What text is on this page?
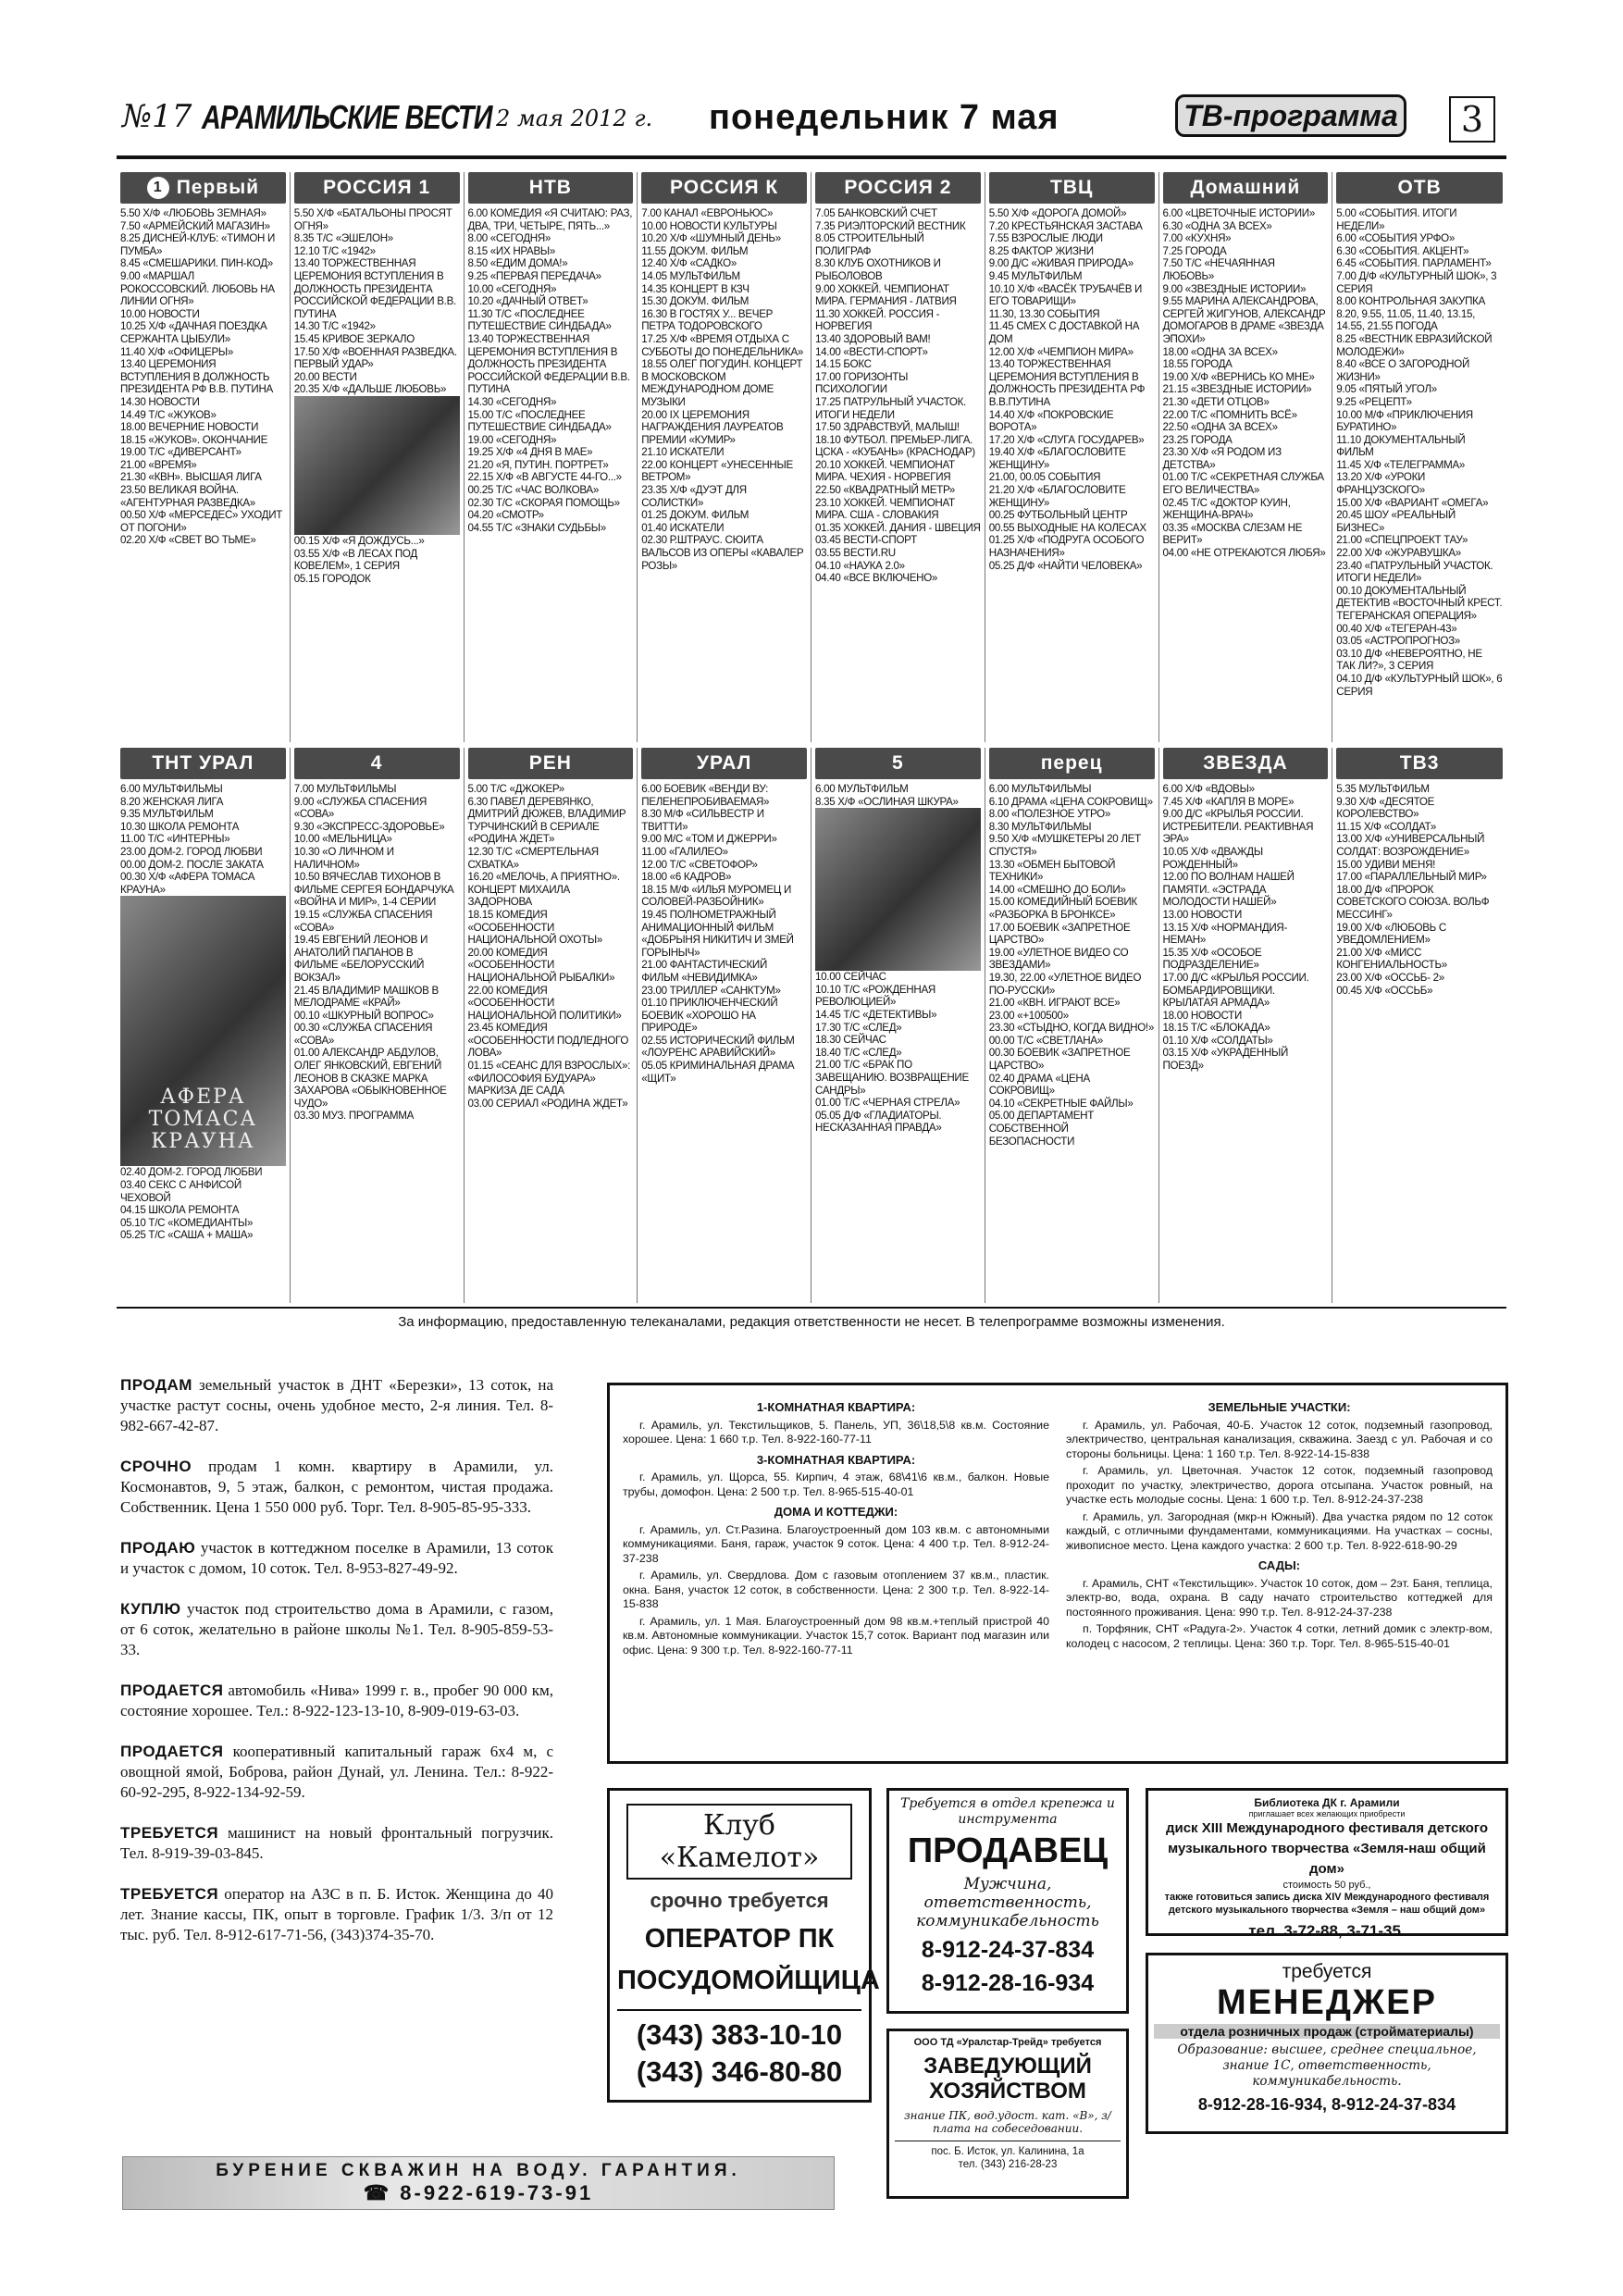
№17 АРАМИЛЬСКИЕ ВЕСТИ 2 мая 2012 г. понедельник 7 мая	ТВ-программа	3
1 Первый
5.50 Х/Ф «ЛЮБОВЬ ЗЕМНАЯ»
7.50 «АРМЕЙСКИЙ МАГАЗИН»
8.25 ДИСНЕЙ-КЛУБ: «ТИМОН И ПУМБА»
8.45 «СМЕШАРИКИ. ПИН-КОД»
9.00 «МАРШАЛ РОКОССОВСКИЙ. ЛЮБОВЬ НА ЛИНИИ ОГНЯ»
10.00 НОВОСТИ
10.25 Х/Ф «ДАЧНАЯ ПОЕЗДКА СЕРЖАНТА ЦЫБУЛИ»
11.40 Х/Ф «ОФИЦЕРЫ»
13.40 ЦЕРЕМОНИЯ ВСТУПЛЕНИЯ В ДОЛЖНОСТЬ ПРЕЗИДЕНТА РФ В.В. ПУТИНА
14.30 НОВОСТИ
14.49 Т/С «ЖУКОВ»
18.00 ВЕЧЕРНИЕ НОВОСТИ
18.15 «ЖУКОВ». ОКОНЧАНИЕ
19.00 Т/С «ДИВЕРСАНТ»
21.00 «ВРЕМЯ»
21.30 «КВН». ВЫСШАЯ ЛИГА
23.50 ВЕЛИКАЯ ВОЙНА. «АГЕНТУРНАЯ РАЗВЕДКА»
00.50 Х/Ф «МЕРСЕДЕС» УХОДИТ ОТ ПОГОНИ»
02.20 Х/Ф «СВЕТ ВО ТЬМЕ»
РОССИЯ 1
5.50 Х/Ф «БАТАЛЬОНЫ ПРОСЯТ ОГНЯ»
8.35 Т/С «ЭШЕЛОН»
12.10 Т/С «1942»
13.40 ТОРЖЕСТВЕННАЯ ЦЕРЕМОНИЯ ВСТУПЛЕНИЯ В ДОЛЖНОСТЬ ПРЕЗИДЕНТА РОССИЙСКОЙ ФЕДЕРАЦИИ В.В. ПУТИНА
14.30 Т/С «1942»
15.45 КРИВОЕ ЗЕРКАЛО
17.50 Х/Ф «ВОЕННАЯ РАЗВЕДКА. ПЕРВЫЙ УДАР»
20.00 ВЕСТИ
20.35 Х/Ф «ДАЛЬШЕ ЛЮБОВЬ»
00.15 Х/Ф «Я ДОЖДУСЬ...»
03.55 Х/Ф «В ЛЕСАХ ПОД КОВЕЛЕМ», 1 СЕРИЯ
05.15 ГОРОДОК
НТВ
6.00 КОМЕДИЯ «Я СЧИТАЮ: РАЗ, ДВА, ТРИ, ЧЕТЫРЕ, ПЯТЬ...»
8.00 «СЕГОДНЯ»
8.15 «ИХ НРАВЫ»
8.50 «ЕДИМ ДОМА!»
9.25 «ПЕРВАЯ ПЕРЕДАЧА»
10.00 «СЕГОДНЯ»
10.20 «ДАЧНЫЙ ОТВЕТ»
11.30 Т/С «ПОСЛЕДНЕЕ ПУТЕШЕСТВИЕ СИНДБАДА»
13.40 ТОРЖЕСТВЕННАЯ ЦЕРЕМОНИЯ ВСТУПЛЕНИЯ В ДОЛЖНОСТЬ ПРЕЗИДЕНТА РОССИЙСКОЙ ФЕДЕРАЦИИ В.В. ПУТИНА
14.30 «СЕГОДНЯ»
15.00 Т/С «ПОСЛЕДНЕЕ ПУТЕШЕСТВИЕ СИНДБАДА»
19.00 «СЕГОДНЯ»
19.25 Х/Ф «4 ДНЯ В МАЕ»
21.20 «Я, ПУТИН. ПОРТРЕТ»
22.15 Х/Ф «В АВГУСТЕ 44-ГО...»
00.25 Т/С «ЧАС ВОЛКОВА»
02.30 Т/С «СКОРАЯ ПОМОЩЬ»
04.20 «СМОТР»
04.55 Т/С «ЗНАКИ СУДЬБЫ»
РОССИЯ К
7.00 КАНАЛ «ЕВРОНЬЮС»
10.00 НОВОСТИ КУЛЬТУРЫ
10.20 Х/Ф «ШУМНЫЙ ДЕНЬ»
11.55 ДОКУМ. ФИЛЬМ
12.40 Х/Ф «САДКО»
14.05 МУЛЬТФИЛЬМ
14.35 КОНЦЕРТ В КЗЧ
15.30 ДОКУМ. ФИЛЬМ
16.30 В ГОСТЯХ У... ВЕЧЕР ПЕТРА ТОДОРОВСКОГО
17.25 Х/Ф «ВРЕМЯ ОТДЫХА С СУББОТЫ ДО ПОНЕДЕЛЬНИКА»
18.55 ОЛЕГ ПОГУДИН. КОНЦЕРТ В МОСКОВСКОМ МЕЖДУНАРОДНОМ ДОМЕ МУЗЫКИ
20.00 IX ЦЕРЕМОНИЯ НАГРАЖДЕНИЯ ЛАУРЕАТОВ ПРЕМИИ «КУМИР»
21.10 ИСКАТЕЛИ
22.00 КОНЦЕРТ «УНЕСЕННЫЕ ВЕТРОМ»
23.35 Х/Ф «ДУЭТ ДЛЯ СОЛИСТКИ»
01.25 ДОКУМ. ФИЛЬМ
01.40 ИСКАТЕЛИ
02.30 Р.ШТРАУС. СЮИТА ВАЛЬСОВ ИЗ ОПЕРЫ «КАВАЛЕР РОЗЫ»
РОССИЯ 2
7.05 БАНКОВСКИЙ СЧЕТ
7.35 РИЭЛТОРСКИЙ ВЕСТНИК
8.05 СТРОИТЕЛЬНЫЙ ПОЛИГРАФ
8.30 КЛУБ ОХОТНИКОВ И РЫБОЛОВОВ
9.00 ХОККЕЙ. ЧЕМПИОНАТ МИРА. ГЕРМАНИЯ - ЛАТВИЯ
11.30 ХОККЕЙ. РОССИЯ - НОРВЕГИЯ
13.40 ЗДОРОВЫЙ ВАМ!
14.00 «ВЕСТИ-СПОРТ»
14.15 БОКС
17.00 ГОРИЗОНТЫ ПСИХОЛОГИИ
17.25 ПАТРУЛЬНЫЙ УЧАСТОК. ИТОГИ НЕДЕЛИ
17.50 ЗДРАВСТВУЙ, МАЛЫШ!
18.10 ФУТБОЛ. ПРЕМЬЕР-ЛИГА. ЦСКА - «КУБАНЬ» (КРАСНОДАР)
20.10 ХОККЕЙ. ЧЕМПИОНАТ МИРА. ЧЕХИЯ - НОРВЕГИЯ
22.50 «КВАДРАТНЫЙ МЕТР»
23.10 ХОККЕЙ. ЧЕМПИОНАТ МИРА. США - СЛОВАКИЯ
01.35 ХОККЕЙ. ДАНИЯ - ШВЕЦИЯ
03.45 ВЕСТИ-СПОРТ
03.55 ВЕСТИ.RU
04.10 «НАУКА 2.0»
04.40 «ВСЕ ВКЛЮЧЕНО»
ТВЦ
5.50 Х/Ф «ДОРОГА ДОМОЙ»
7.20 КРЕСТЬЯНСКАЯ ЗАСТАВА
7.55 ВЗРОСЛЫЕ ЛЮДИ
8.25 ФАКТОР ЖИЗНИ
9.00 Д/С «ЖИВАЯ ПРИРОДА»
9.45 МУЛЬТФИЛЬМ
10.10 Х/Ф «ВАСЁК ТРУБАЧЁВ И ЕГО ТОВАРИЩИ»
11.30, 13.30 СОБЫТИЯ
11.45 СМЕХ С ДОСТАВКОЙ НА ДОМ
12.00 Х/Ф «ЧЕМПИОН МИРА»
13.40 ТОРЖЕСТВЕННАЯ ЦЕРЕМОНИЯ ВСТУПЛЕНИЯ В ДОЛЖНОСТЬ ПРЕЗИДЕНТА РФ В.В.ПУТИНА
14.40 Х/Ф «ПОКРОВСКИЕ ВОРОТА»
17.20 Х/Ф «СЛУГА ГОСУДАРЕВ»
19.40 Х/Ф «БЛАГОСЛОВИТЕ ЖЕНЩИНУ»
21.00, 00.05 СОБЫТИЯ
21.20 Х/Ф «БЛАГОСЛОВИТЕ ЖЕНЩИНУ»
00.25 ФУТБОЛЬНЫЙ ЦЕНТР
00.55 ВЫХОДНЫЕ НА КОЛЕСАХ
01.25 Х/Ф «ПОДРУГА ОСОБОГО НАЗНАЧЕНИЯ»
05.25 Д/Ф «НАЙТИ ЧЕЛОВЕКА»
Домашний
6.00 «ЦВЕТОЧНЫЕ ИСТОРИИ»
6.30 «ОДНА ЗА ВСЕХ»
7.00 «КУХНЯ»
7.25 ГОРОДА
7.50 Т/С «НЕЧАЯННАЯ ЛЮБОВЬ»
9.00 «ЗВЕЗДНЫЕ ИСТОРИИ»
9.55 МАРИНА АЛЕКСАНДРОВА, СЕРГЕЙ ЖИГУНОВ, АЛЕКСАНДР ДОМОГАРОВ В ДРАМЕ «ЗВЕЗДА ЭПОХИ»
18.00 «ОДНА ЗА ВСЕХ»
18.55 ГОРОДА
19.00 Х/Ф «ВЕРНИСЬ КО МНЕ»
21.15 «ЗВЕЗДНЫЕ ИСТОРИИ»
21.30 «ДЕТИ ОТЦОВ»
22.00 Т/С «ПОМНИТЬ ВСЁ»
22.50 «ОДНА ЗА ВСЕХ»
23.25 ГОРОДА
23.30 Х/Ф «Я РОДОМ ИЗ ДЕТСТВА»
01.00 Т/С «СЕКРЕТНАЯ СЛУЖБА ЕГО ВЕЛИЧЕСТВА»
02.45 Т/С «ДОКТОР КУИН, ЖЕНЩИНА-ВРАЧ»
03.35 «МОСКВА СЛЕЗАМ НЕ ВЕРИТ»
04.00 «НЕ ОТРЕКАЮТСЯ ЛЮБЯ»
ОТВ
5.00 «СОБЫТИЯ. ИТОГИ НЕДЕЛИ»
6.00 «СОБЫТИЯ УРФО»
6.30 «СОБЫТИЯ. АКЦЕНТ»
6.45 «СОБЫТИЯ. ПАРЛАМЕНТ»
7.00 Д/Ф «КУЛЬТУРНЫЙ ШОК», 3 СЕРИЯ
8.00 КОНТРОЛЬНАЯ ЗАКУПКА
8.20, 9.55, 11.05, 11.40, 13.15, 14.55, 21.55 ПОГОДА
8.25 «ВЕСТНИК ЕВРАЗИЙСКОЙ МОЛОДЕЖИ»
8.40 «ВСЕ О ЗАГОРОДНОЙ ЖИЗНИ»
9.05 «ПЯТЫЙ УГОЛ»
9.25 «РЕЦЕПТ»
10.00 М/Ф «ПРИКЛЮЧЕНИЯ БУРАТИНО»
11.10 ДОКУМЕНТАЛЬНЫЙ ФИЛЬМ
11.45 Х/Ф «ТЕЛЕГРАММА»
13.20 Х/Ф «УРОКИ ФРАНЦУЗСКОГО»
15.00 Х/Ф «ВАРИАНТ «ОМЕГА»
20.45 ШОУ «РЕАЛЬНЫЙ БИЗНЕС»
21.00 «СПЕЦПРОЕКТ ТАУ»
22.00 Х/Ф «ЖУРАВУШКА»
23.40 «ПАТРУЛЬНЫЙ УЧАСТОК. ИТОГИ НЕДЕЛИ»
00.10 ДОКУМЕНТАЛЬНЫЙ ДЕТЕКТИВ «ВОСТОЧНЫЙ КРЕСТ. ТЕГЕРАНСКАЯ ОПЕРАЦИЯ»
00.40 Х/Ф «ТЕГЕРАН-43»
03.05 «АСТРОПРОГНОЗ»
03.10 Д/Ф «НЕВЕРОЯТНО, НЕ ТАК ЛИ?», 3 СЕРИЯ
04.10 Д/Ф «КУЛЬТУРНЫЙ ШОК», 6 СЕРИЯ
ТНТ УРАЛ
6.00 МУЛЬТФИЛЬМЫ
8.20 ЖЕНСКАЯ ЛИГА
9.35 МУЛЬТФИЛЬМ
10.30 ШКОЛА РЕМОНТА
11.00 Т/С «ИНТЕРНЫ»
23.00 ДОМ-2. ГОРОД ЛЮБВИ
00.00 ДОМ-2. ПОСЛЕ ЗАКАТА
00.30 Х/Ф «АФЕРА ТОМАСА КРАУНА»
АФЕРА
ТОМАСА
КРАУНА
02.40 ДОМ-2. ГОРОД ЛЮБВИ
03.40 СЕКС С АНФИСОЙ ЧЕХОВОЙ
04.15 ШКОЛА РЕМОНТА
05.10 Т/С «КОМЕДИАНТЫ»
05.25 Т/С «САША + МАША»
4
7.00 МУЛЬТФИЛЬМЫ
9.00 «СЛУЖБА СПАСЕНИЯ «СОВА»
9.30 «ЭКСПРЕСС-ЗДОРОВЬЕ»
10.00 «МЕЛЬНИЦА»
10.30 «О ЛИЧНОМ И НАЛИЧНОМ»
10.50 ВЯЧЕСЛАВ ТИХОНОВ В ФИЛЬМЕ СЕРГЕЯ БОНДАРЧУКА «ВОЙНА И МИР», 1-4 СЕРИИ
19.15 «СЛУЖБА СПАСЕНИЯ «СОВА»
19.45 ЕВГЕНИЙ ЛЕОНОВ И АНАТОЛИЙ ПАПАНОВ В ФИЛЬМЕ «БЕЛОРУССКИЙ ВОКЗАЛ»
21.45 ВЛАДИМИР МАШКОВ В МЕЛОДРАМЕ «КРАЙ»
00.10 «ШКУРНЫЙ ВОПРОС»
00.30 «СЛУЖБА СПАСЕНИЯ «СОВА»
01.00 АЛЕКСАНДР АБДУЛОВ, ОЛЕГ ЯНКОВСКИЙ, ЕВГЕНИЙ ЛЕОНОВ В СКАЗКЕ МАРКА ЗАХАРОВА «ОБЫКНОВЕННОЕ ЧУДО»
03.30 МУЗ. ПРОГРАММА
РЕН
5.00 Т/С «ДЖОКЕР»
6.30 ПАВЕЛ ДЕРЕВЯНКО, ДМИТРИЙ ДЮЖЕВ, ВЛАДИМИР ТУРЧИНСКИЙ В СЕРИАЛЕ «РОДИНА ЖДЕТ»
12.30 Т/С «СМЕРТЕЛЬНАЯ СХВАТКА»
16.20 «МЕЛОЧЬ, А ПРИЯТНО». КОНЦЕРТ МИХАИЛА ЗАДОРНОВА
18.15 КОМЕДИЯ «ОСОБЕННОСТИ НАЦИОНАЛЬНОЙ ОХОТЫ»
20.00 КОМЕДИЯ «ОСОБЕННОСТИ НАЦИОНАЛЬНОЙ РЫБАЛКИ»
22.00 КОМЕДИЯ «ОСОБЕННОСТИ НАЦИОНАЛЬНОЙ ПОЛИТИКИ»
23.45 КОМЕДИЯ «ОСОБЕННОСТИ ПОДЛЕДНОГО ЛОВА»
01.15 «СЕАНС ДЛЯ ВЗРОСЛЫХ»: «ФИЛОСОФИЯ БУДУАРА» МАРКИЗА ДЕ САДА
03.00 СЕРИАЛ «РОДИНА ЖДЕТ»
УРАЛ
6.00 БОЕВИК «ВЕНДИ ВУ: ПЕЛЕНЕПРОБИВАЕМАЯ»
8.30 М/Ф «СИЛЬВЕСТР И ТВИТТИ»
9.00 М/С «ТОМ И ДЖЕРРИ»
11.00 «ГАЛИЛЕО»
12.00 Т/С «СВЕТОФОР»
18.00 «6 КАДРОВ»
18.15 М/Ф «ИЛЬЯ МУРОМЕЦ И СОЛОВЕЙ-РАЗБОЙНИК»
19.45 ПОЛНОМЕТРАЖНЫЙ АНИМАЦИОННЫЙ ФИЛЬМ «ДОБРЫНЯ НИКИТИЧ И ЗМЕЙ ГОРЫНЫЧ»
21.00 ФАНТАСТИЧЕСКИЙ ФИЛЬМ «НЕВИДИМКА»
23.00 ТРИЛЛЕР «САНКТУМ»
01.10 ПРИКЛЮЧЕНЧЕСКИЙ БОЕВИК «ХОРОШО НА ПРИРОДЕ»
02.55 ИСТОРИЧЕСКИЙ ФИЛЬМ «ЛОУРЕНС АРАВИЙСКИЙ»
05.05 КРИМИНАЛЬНАЯ ДРАМА «ЩИТ»
5
6.00 МУЛЬТФИЛЬМ
8.35 Х/Ф «ОСЛИНАЯ ШКУРА»
10.00 СЕЙЧАС
10.10 Т/С «РОЖДЕННАЯ РЕВОЛЮЦИЕЙ»
14.45 Т/С «ДЕТЕКТИВЫ»
17.30 Т/С «СЛЕД»
18.30 СЕЙЧАС
18.40 Т/С «СЛЕД»
21.00 Т/С «БРАК ПО ЗАВЕЩАНИЮ. ВОЗВРАЩЕНИЕ САНДРЫ»
01.00 Т/С «ЧЕРНАЯ СТРЕЛА»
05.05 Д/Ф «ГЛАДИАТОРЫ. НЕСКАЗАННАЯ ПРАВДА»
перец
6.00 МУЛЬТФИЛЬМЫ
6.10 ДРАМА «ЦЕНА СОКРОВИЩ»
8.00 «ПОЛЕЗНОЕ УТРО»
8.30 МУЛЬТФИЛЬМЫ
9.50 Х/Ф «МУШКЕТЕРЫ 20 ЛЕТ СПУСТЯ»
13.30 «ОБМЕН БЫТОВОЙ ТЕХНИКИ»
14.00 «СМЕШНО ДО БОЛИ»
15.00 КОМЕДИЙНЫЙ БОЕВИК «РАЗБОРКА В БРОНКСЕ»
17.00 БОЕВИК «ЗАПРЕТНОЕ ЦАРСТВО»
19.00 «УЛЕТНОЕ ВИДЕО СО ЗВЕЗДАМИ»
19.30, 22.00 «УЛЕТНОЕ ВИДЕО ПО-РУССКИ»
21.00 «КВН. ИГРАЮТ ВСЕ»
23.00 «+100500»
23.30 «СТЫДНО, КОГДА ВИДНО!»
00.00 Т/С «СВЕТЛАНА»
00.30 БОЕВИК «ЗАПРЕТНОЕ ЦАРСТВО»
02.40 ДРАМА «ЦЕНА СОКРОВИЩ»
04.10 «СЕКРЕТНЫЕ ФАЙЛЫ»
05.00 ДЕПАРТАМЕНТ СОБСТВЕННОЙ БЕЗОПАСНОСТИ
ЗВЕЗДА
6.00 Х/Ф «ВДОВЫ»
7.45 Х/Ф «КАПЛЯ В МОРЕ»
9.00 Д/С «КРЫЛЬЯ РОССИИ. ИСТРЕБИТЕЛИ. РЕАКТИВНАЯ ЭРА»
10.05 Х/Ф «ДВАЖДЫ РОЖДЕННЫЙ»
12.00 ПО ВОЛНАМ НАШЕЙ ПАМЯТИ. «ЭСТРАДА МОЛОДОСТИ НАШЕЙ»
13.00 НОВОСТИ
13.15 Х/Ф «НОРМАНДИЯ-НЕМАН»
15.35 Х/Ф «ОСОБОЕ ПОДРАЗДЕЛЕНИЕ»
17.00 Д/С «КРЫЛЬЯ РОССИИ. БОМБАРДИРОВЩИКИ. КРЫЛАТАЯ АРМАДА»
18.00 НОВОСТИ
18.15 Т/С «БЛОКАДА»
01.10 Х/Ф «СОЛДАТЫ»
03.15 Х/Ф «УКРАДЕННЫЙ ПОЕЗД»
ТВ3
5.35 МУЛЬТФИЛЬМ
9.30 Х/Ф «ДЕСЯТОЕ КОРОЛЕВСТВО»
11.15 Х/Ф «СОЛДАТ»
13.00 Х/Ф «УНИВЕРСАЛЬНЫЙ СОЛДАТ: ВОЗРОЖДЕНИЕ»
15.00 УДИВИ МЕНЯ!
17.00 «ПАРАЛЛЕЛЬНЫЙ МИР»
18.00 Д/Ф «ПРОРОК СОВЕТСКОГО СОЮЗА. ВОЛЬФ МЕССИНГ»
19.00 Х/Ф «ЛЮБОВЬ С УВЕДОМЛЕНИЕМ»
21.00 Х/Ф «МИСС КОНГЕНИАЛЬНОСТЬ»
23.00 Х/Ф «ОССЬБ- 2»
00.45 Х/Ф «ОССЬБ»
За информацию, предоставленную телеканалами, редакция ответственности не несет. В телепрограмме возможны изменения.
ПРОДАМ земельный участок в ДНТ «Березки», 13 соток, на участке растут сосны, очень удобное место, 2-я линия. Тел. 8-982-667-42-87.
СРОЧНО продам 1 комн. квартиру в Арамили, ул. Космонавтов, 9, 5 этаж, балкон, с ремонтом, чистая продажа. Собственник. Цена 1 550 000 руб. Торг. Тел. 8-905-85-95-333.
ПРОДАЮ участок в коттеджном поселке в Арамили, 13 соток и участок с домом, 10 соток. Тел. 8-953-827-49-92.
КУПЛЮ участок под строительство дома в Арамили, с газом, от 6 соток, желательно в районе школы №1. Тел. 8-905-859-53-33.
ПРОДАЕТСЯ автомобиль «Нива» 1999 г. в., пробег 90 000 км, состояние хорошее. Тел.: 8-922-123-13-10, 8-909-019-63-03.
ПРОДАЕТСЯ кооперативный капитальный гараж 6х4 м, с овощной ямой, Боброва, район Дунай, ул. Ленина. Тел.: 8-922-60-92-295, 8-922-134-92-59.
ТРЕБУЕТСЯ машинист на новый фронтальный погрузчик. Тел. 8-919-39-03-845.
ТРЕБУЕТСЯ оператор на АЗС в п. Б. Исток. Женщина до 40 лет. Знание кассы, ПК, опыт в торговле. График 1/3. З/п от 12 тыс. руб. Тел. 8-912-617-71-56, (343)374-35-70.
1-КОМНАТНАЯ КВАРТИРА:

г. Арамиль, ул. Текстильщиков, 5. Панель, УП, 36\18,5\8 кв.м. Состояние хорошее. Цена: 1 660 т.р. Тел. 8-922-160-77-11

3-КОМНАТНАЯ КВАРТИРА:

г. Арамиль, ул. Щорса, 55. Кирпич, 4 этаж, 68\41\6 кв.м., балкон. Новые трубы, домофон. Цена: 2 500 т.р. Тел. 8-965-515-40-01

ДОМА И КОТТЕДЖИ:

г. Арамиль, ул. Ст.Разина. Благоустроенный дом 103 кв.м. с автономными коммуникациями. Баня, гараж, участок 9 соток. Цена: 4 400 т.р. Тел. 8-912-24-37-238

г. Арамиль, ул. Свердлова. Дом с газовым отоплением 37 кв.м., пластик. окна. Баня, участок 12 соток, в собственности. Цена: 2 300 т.р. Тел. 8-922-14-15-838

г. Арамиль, ул. 1 Мая. Благоустроенный дом 98 кв.м.+теплый пристрой 40 кв.м. Автономные коммуникации. Участок 15,7 соток. Вариант под магазин или офис. Цена: 9 300 т.р. Тел. 8-922-160-77-11

ЗЕМЕЛЬНЫЕ УЧАСТКИ:

г. Арамиль, ул. Рабочая, 40-Б. Участок 12 соток, подземный газопровод, электричество, центральная канализация, скважина. Заезд с ул. Рабочая и со стороны больницы. Цена: 1 160 т.р. Тел. 8-922-14-15-838

г. Арамиль, ул. Цветочная. Участок 12 соток, подземный газопровод проходит по участку, электричество, дорога отсыпана. Участок ровный, на участке есть молодые сосны. Цена: 1 600 т.р. Тел. 8-912-24-37-238

г. Арамиль, ул. Загородная (мкр-н Южный). Два участка рядом по 12 соток каждый, с отличными фундаментами, коммуникациями. На участках – сосны, живописное место. Цена каждого участка: 2 600 т.р. Тел. 8-922-618-90-29

САДЫ:

г. Арамиль, СНТ «Текстильщик». Участок 10 соток, дом – 2эт. Баня, теплица, электр-во, вода, охрана. В саду начато строительство коттеджей для постоянного проживания. Цена: 990 т.р. Тел. 8-912-24-37-238

п. Торфяник, СНТ «Радуга-2». Участок 4 сотки, летний домик с электр-вом, колодец с насосом, 2 теплицы. Цена: 360 т.р. Торг. Тел. 8-965-515-40-01

Клуб «Камелот»
срочно требуется
ОПЕРАТОР ПК
ПОСУДОМОЙЩИЦА
(343) 383-10-10
(343) 346-80-80
Требуется в отдел крепежа и инструмента
ПРОДАВЕЦ
Мужчина, ответственность, коммуникабельность
8-912-24-37-834
8-912-28-16-934
ООО ТД «Уралстар-Трейд» требуется
ЗАВЕДУЮЩИЙ ХОЗЯЙСТВОМ
знание ПК, вод.удост. кат. «В», з/плата на собеседовании.
пос. Б. Исток, ул. Калинина, 1а
тел. (343) 216-28-23
Библиотека ДК г. Арамили
приглашает всех желающих приобрести
диск XIII Международного фестиваля детского музыкального творчества «Земля-наш общий дом»
стоимость 50 руб.,
также готовиться запись диска XIV Международного фестиваля детского музыкального творчества «Земля – наш общий дом»
тел. 3-72-88, 3-71-35.
требуется
МЕНЕДЖЕР
отдела розничных продаж (стройматериалы)
Образование: высшее, среднее специальное, знание 1С, ответственность, коммуникабельность.
8-912-28-16-934, 8-912-24-37-834
БУРЕНИЕ СКВАЖИН НА ВОДУ. ГАРАНТИЯ.
☎ 8-922-619-73-91
